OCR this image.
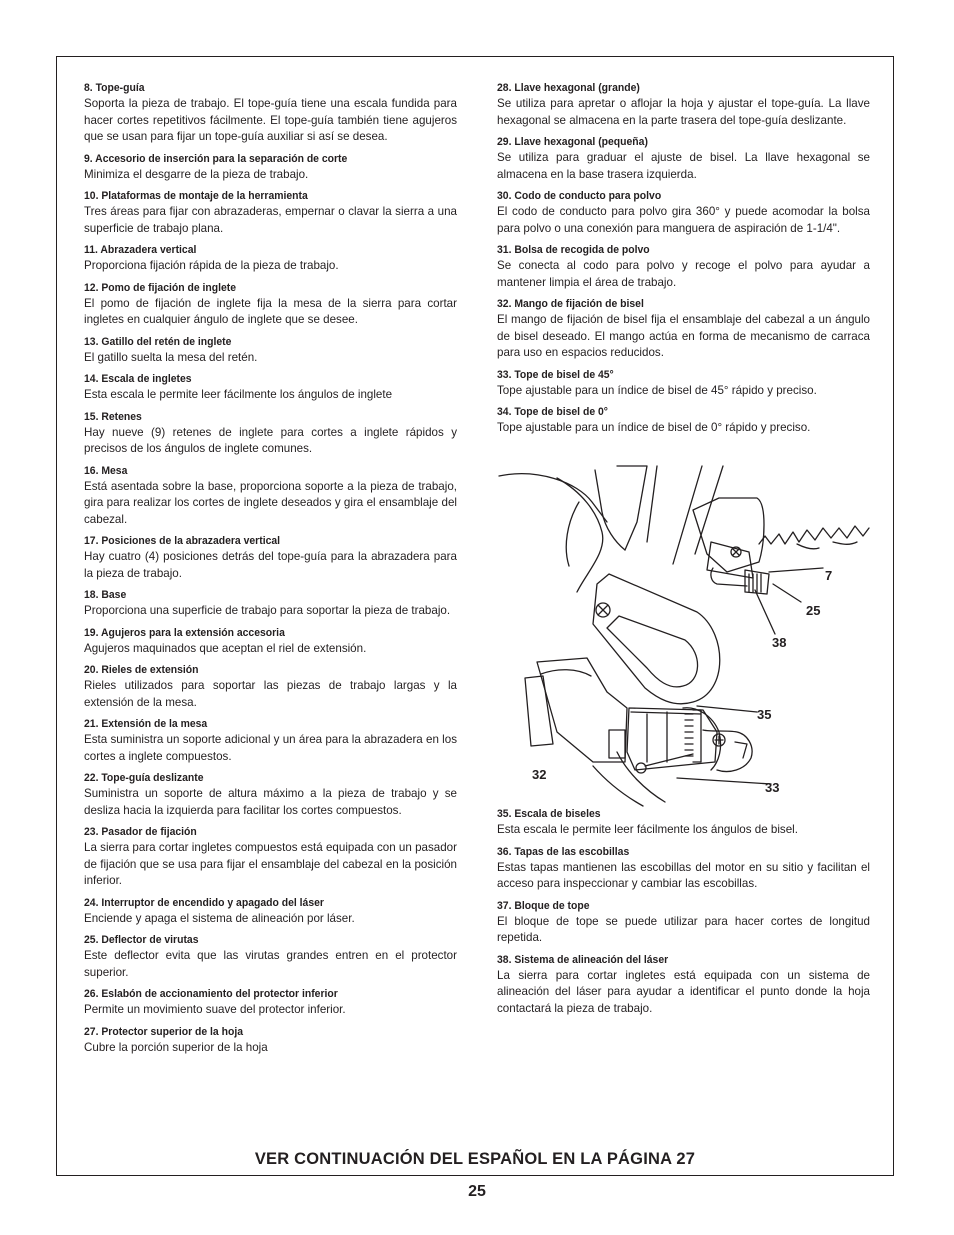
8. Tope-guía

Soporta la pieza de trabajo. El tope-guía tiene una escala fundida para hacer cortes repetitivos fácilmente. El tope-guía también tiene agujeros que se usan para fijar un tope-guía auxiliar si así se desea.

9. Accesorio de inserción para la separación de corte

Minimiza el desgarre de la pieza de trabajo.

10. Plataformas de montaje de la herramienta

Tres áreas para fijar con abrazaderas, empernar o clavar la sierra a una superficie de trabajo plana.

11. Abrazadera vertical

Proporciona fijación rápida de la pieza de trabajo.

12. Pomo de fijación de inglete

El pomo de fijación de inglete fija la mesa de la sierra para cortar ingletes en cualquier ángulo de inglete que se desee.

13. Gatillo del retén de inglete

El gatillo suelta la mesa del retén.

14. Escala de ingletes

Esta escala le permite leer fácilmente los ángulos de inglete

15. Retenes

Hay nueve (9) retenes de inglete para cortes a inglete rápidos y precisos de los ángulos de inglete comunes.

16. Mesa

Está asentada sobre la base, proporciona soporte a la pieza de trabajo, gira para realizar los cortes de inglete deseados y gira el ensamblaje del cabezal.

17. Posiciones de la abrazadera vertical

Hay cuatro (4) posiciones detrás del tope-guía para la abrazadera para la pieza de trabajo.

18. Base

Proporciona una superficie de trabajo para soportar la pieza de trabajo.

19. Agujeros para la extensión accesoria

Agujeros maquinados que aceptan el riel de extensión.

20. Rieles de extensión

Rieles utilizados para soportar las piezas de trabajo largas y la extensión de la mesa.

21. Extensión de la mesa

Esta suministra un soporte adicional y un área para la abrazadera en los cortes a inglete compuestos.

22. Tope-guía deslizante

Suministra un soporte de altura máximo a la pieza de trabajo y se desliza hacia la izquierda para facilitar los cortes compuestos.

23. Pasador de fijación

La sierra para cortar ingletes compuestos está equipada con un pasador de fijación que se usa para fijar el ensamblaje del cabezal en la posición inferior.

24. Interruptor de encendido y apagado del láser

Enciende y apaga el sistema de alineación por láser.

25. Deflector de virutas

Este deflector evita que las virutas grandes entren en el protector superior.

26. Eslabón de accionamiento del protector inferior

Permite un movimiento suave del protector inferior.

27. Protector superior de la hoja

Cubre la porción superior de la hoja

28. Llave hexagonal (grande)

Se utiliza para apretar o aflojar la hoja y ajustar el tope-guía. La llave hexagonal se almacena en la parte trasera del tope-guía deslizante.

29. Llave hexagonal (pequeña)

Se utiliza para graduar el ajuste de bisel. La llave hexagonal se almacena en la base trasera izquierda.

30. Codo de conducto para polvo

El codo de conducto para polvo gira 360° y puede acomodar la bolsa para polvo o una conexión para manguera de aspiración de 1-1/4".

31. Bolsa de recogida de polvo

Se conecta al codo para polvo y recoge el polvo para ayudar a mantener limpia el área de trabajo.

32. Mango de fijación de bisel

El mango de fijación de bisel fija el ensamblaje del cabezal a un ángulo de bisel deseado. El mango actúa en forma de mecanismo de carraca para uso en espacios reducidos.

33. Tope de bisel de 45°

Tope ajustable para un índice de bisel de 45° rápido y preciso.

34. Tope de bisel de 0°

Tope ajustable para un índice de bisel de 0° rápido y preciso.

7
25
38
35
32
33
35. Escala de biseles

Esta escala le permite leer fácilmente los ángulos de bisel.

36. Tapas de las escobillas

Estas tapas mantienen las escobillas del motor en su sitio y facilitan el acceso para inspeccionar y cambiar las escobillas.

37. Bloque de tope

El bloque de tope se puede utilizar para hacer cortes de longitud repetida.

38. Sistema de alineación del láser

La sierra para cortar ingletes está equipada con un sistema de alineación del láser para ayudar a identificar el punto donde la hoja contactará la pieza de trabajo.

VER CONTINUACIÓN DEL ESPAÑOL EN LA PÁGINA 27
25
